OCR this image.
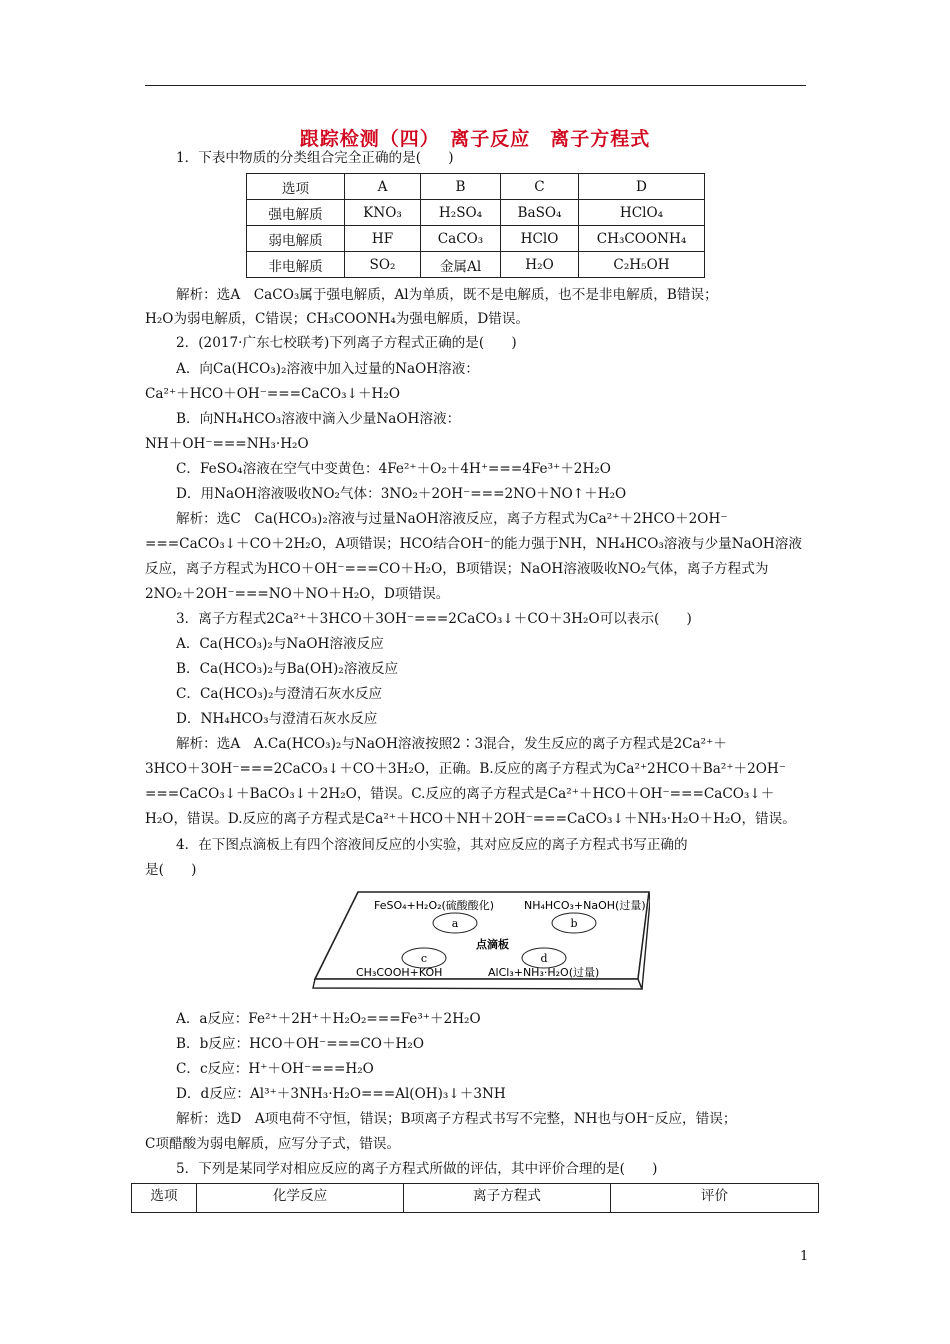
跟踪检测（四）　离子反应　离子方程式
1．下表中物质的分类组合完全正确的是(　　)
选项	A	B	C	D
强电解质	KNO₃	H₂SO₄	BaSO₄	HClO₄
弱电解质	HF	CaCO₃	HClO	CH₃COONH₄
非电解质	SO₂	金属Al	H₂O	C₂H₅OH
解析：选A　CaCO₃属于强电解质，Al为单质，既不是电解质，也不是非电解质，B错误；
H₂O为弱电解质，C错误；CH₃COONH₄为强电解质，D错误。
2．(2017·广东七校联考)下列离子方程式正确的是(　　)
A．向Ca(HCO₃)₂溶液中加入过量的NaOH溶液：
Ca²⁺＋HCO＋OH⁻===CaCO₃↓＋H₂O
B．向NH₄HCO₃溶液中滴入少量NaOH溶液：
NH＋OH⁻===NH₃·H₂O
C．FeSO₄溶液在空气中变黄色：4Fe²⁺＋O₂＋4H⁺===4Fe³⁺＋2H₂O
D．用NaOH溶液吸收NO₂气体：3NO₂＋2OH⁻===2NO＋NO↑＋H₂O
解析：选C　Ca(HCO₃)₂溶液与过量NaOH溶液反应，离子方程式为Ca²⁺＋2HCO＋2OH⁻
===CaCO₃↓＋CO＋2H₂O，A项错误；HCO结合OH⁻的能力强于NH，NH₄HCO₃溶液与少量NaOH溶液
反应，离子方程式为HCO＋OH⁻===CO＋H₂O，B项错误；NaOH溶液吸收NO₂气体，离子方程式为
2NO₂＋2OH⁻===NO＋NO＋H₂O，D项错误。
3．离子方程式2Ca²⁺＋3HCO＋3OH⁻===2CaCO₃↓＋CO＋3H₂O可以表示(　　)
A．Ca(HCO₃)₂与NaOH溶液反应
B．Ca(HCO₃)₂与Ba(OH)₂溶液反应
C．Ca(HCO₃)₂与澄清石灰水反应
D．NH₄HCO₃与澄清石灰水反应
解析：选A　A.Ca(HCO₃)₂与NaOH溶液按照2∶3混合，发生反应的离子方程式是2Ca²⁺＋
3HCO＋3OH⁻===2CaCO₃↓＋CO＋3H₂O，正确。B.反应的离子方程式为Ca²⁺2HCO＋Ba²⁺＋2OH⁻
===CaCO₃↓＋BaCO₃↓＋2H₂O，错误。C.反应的离子方程式是Ca²⁺＋HCO＋OH⁻===CaCO₃↓＋
H₂O，错误。D.反应的离子方程式是Ca²⁺＋HCO＋NH＋2OH⁻===CaCO₃↓＋NH₃·H₂O＋H₂O，错误。
4．在下图点滴板上有四个溶液间反应的小实验，其对应反应的离子方程式书写正确的
是(　　)
FeSO₄+H₂O₂(硫酸酸化)	NH₄HCO₃+NaOH(过量)
a	b
点滴板
c	d
CH₃COOH+KOH	AlCl₃+NH₃·H₂O(过量)
A．a反应：Fe²⁺＋2H⁺＋H₂O₂===Fe³⁺＋2H₂O
B．b反应：HCO＋OH⁻===CO＋H₂O
C．c反应：H⁺＋OH⁻===H₂O
D．d反应：Al³⁺＋3NH₃·H₂O===Al(OH)₃↓＋3NH
解析：选D　A项电荷不守恒，错误；B项离子方程式书写不完整，NH也与OH⁻反应，错误；
C项醋酸为弱电解质，应写分子式，错误。
5．下列是某同学对相应反应的离子方程式所做的评估，其中评价合理的是(　　)
选项	化学反应	离子方程式	评价
1
